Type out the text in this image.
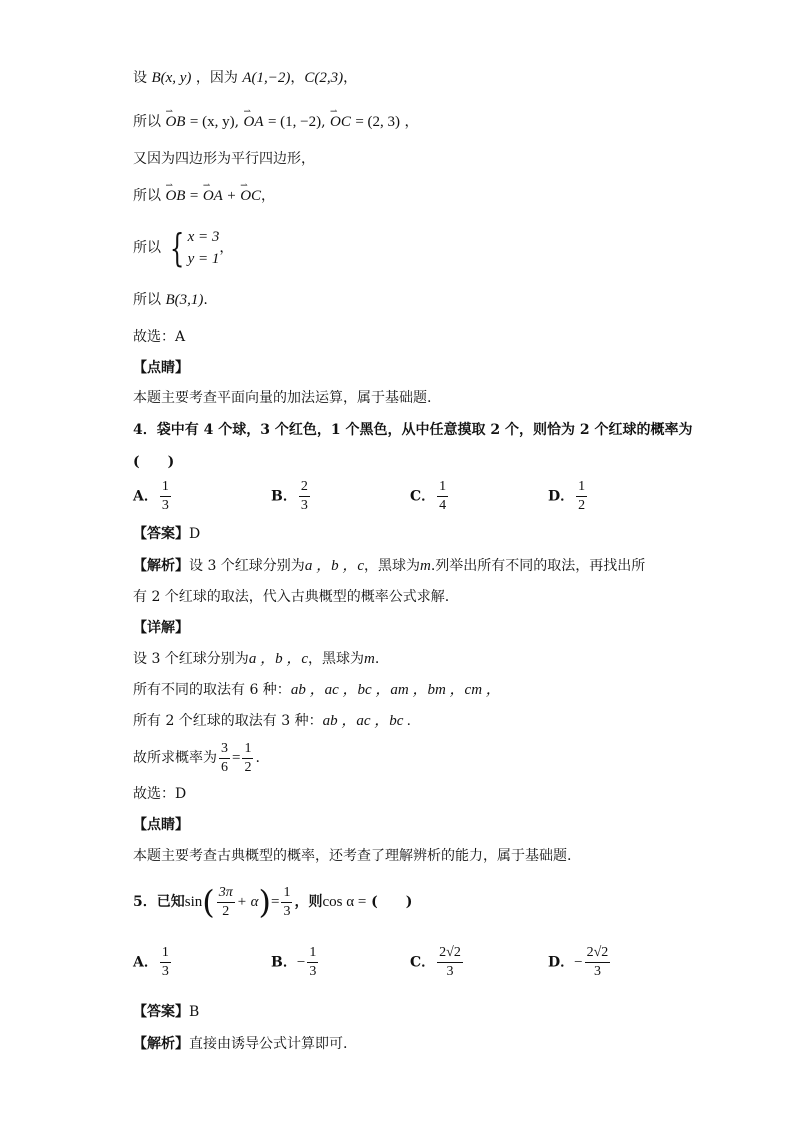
设 B(x, y) ，因为 A(1,−2)，C(2,3)，
所以 ⇀ OB = (x, y), ⇀ OA = (1, −2), ⇀ OC = (2, 3) ，
又因为四边形为平行四边形，
所以 ⇀ OB = ⇀ OA + ⇀ OC，
所以 { x = 3
y = 1
，
所以 B(3,1).
故选：A
【点睛】
本题主要考查平面向量的加法运算，属于基础题.
4．袋中有 4 个球，3 个红色，1 个黑色，从中任意摸取 2 个，则恰为 2 个红球的概率为
(　　)
A． $\frac{1}{3}$	B． $\frac{2}{3}$	C． $\frac{1}{4}$	D． $\frac{1}{2}$
【答案】D
【解析】设 3 个红球分别为a ，b ，c，黑球为m.列举出所有不同的取法，再找出所
有 2 个红球的取法，代入古典概型的概率公式求解.
【详解】
设 3 个红球分别为a ，b ，c，黑球为m.
所有不同的取法有 6 种：ab ，ac ，bc ，am ，bm ，cm ，
所有 2 个红球的取法有 3 种：ab ，ac ，bc .
故所求概率为 $\frac{3}{6} = \frac{1}{2}$ .
故选：D
【点睛】
本题主要考查古典概型的概率，还考查了理解辨析的能力，属于基础题.
5．已知$\sin( \frac{3\pi}{2} + \alpha)= \frac{1}{3}$ ，则cos α = (　　)
A． $\frac{1}{3}$	B．− $\frac{1}{3}$	C． $\frac{2√2}{3}$	D．− $\frac{2√2}{3}$
【答案】B
【解析】直接由诱导公式计算即可.
